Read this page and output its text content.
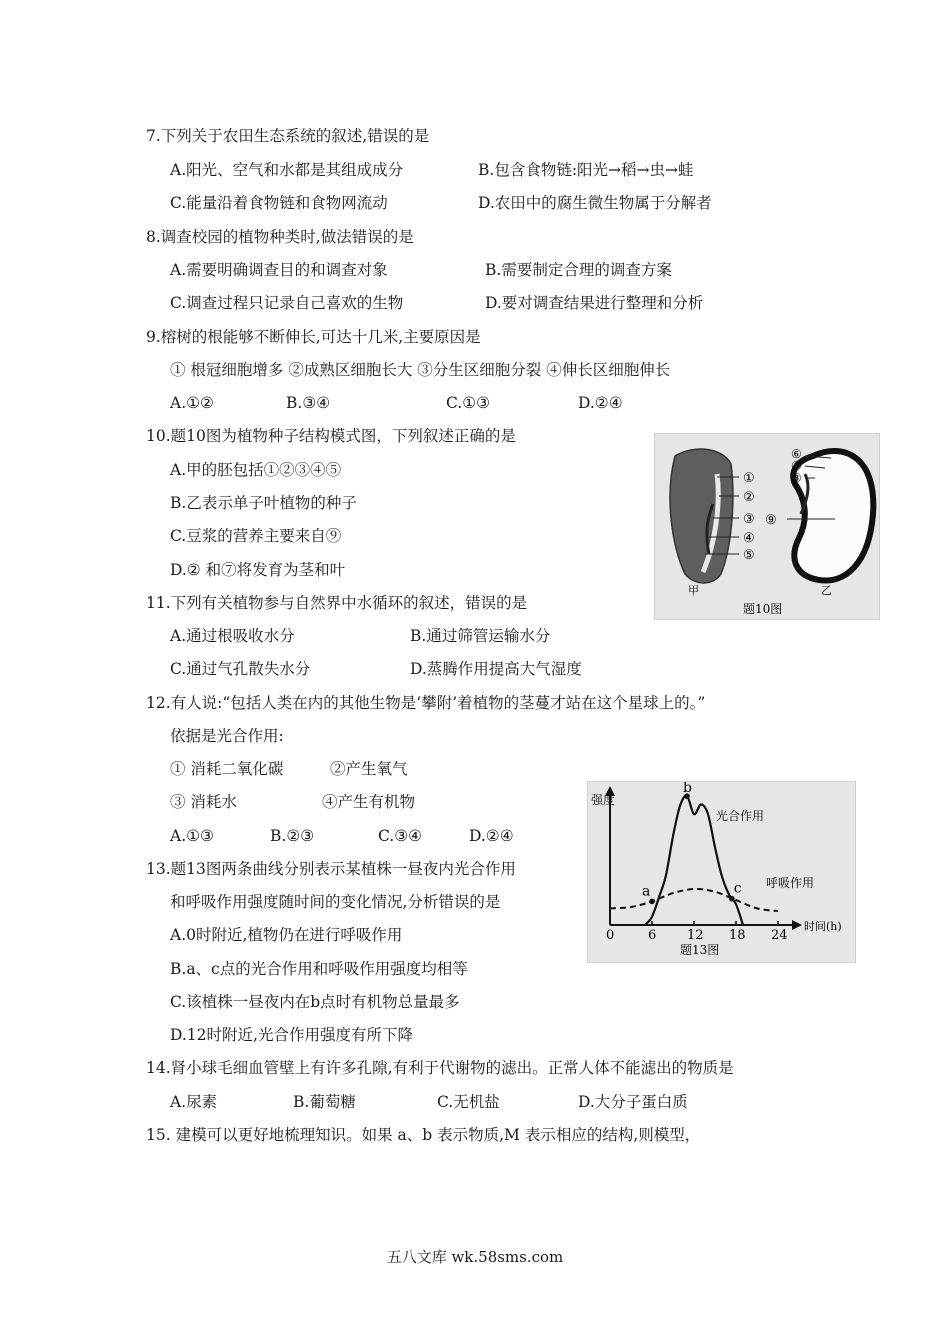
7.下列关于农田生态系统的叙述,错误的是
A.阳光、空气和水都是其组成成分	B.包含食物链:阳光→稻→虫→蛙
C.能量沿着食物链和食物网流动	D.农田中的腐生微生物属于分解者
8.调查校园的植物种类时,做法错误的是
A.需要明确调查目的和调查对象	B.需要制定合理的调查方案
C.调查过程只记录自己喜欢的生物	D.要对调查结果进行整理和分析
9.榕树的根能够不断伸长,可达十几米,主要原因是
① 根冠细胞增多 ②成熟区细胞长大 ③分生区细胞分裂 ④伸长区细胞伸长
A.①②	B.③④	C.①③	D.②④
10.题10图为植物种子结构模式图，下列叙述正确的是
A.甲的胚包括①②③④⑤
B.乙表示单子叶植物的种子
C.豆浆的营养主要来自⑨
D.② 和⑦将发育为茎和叶
①
②
③
④
⑤
甲
⑥
⑦
⑧
⑨
乙
题10图
11.下列有关植物参与自然界中水循环的叙述，错误的是
A.通过根吸收水分	B.通过筛管运输水分
C.通过气孔散失水分	D.蒸腾作用提高大气湿度
12.有人说:“包括人类在内的其他生物是‘攀附’着植物的茎蔓才站在这个星球上的。”
依据是光合作用:
① 消耗二氧化碳	②产生氧气
③ 消耗水	④产生有机物
A.①③	B.②③	C.③④	D.②④
13.题13图两条曲线分别表示某植株一昼夜内光合作用
和呼吸作用强度随时间的变化情况,分析错误的是
A.0时附近,植物仍在进行呼吸作用
B.a、c点的光合作用和呼吸作用强度均相等
C.该植株一昼夜内在b点时有机物总量最多
D.12时附近,光合作用强度有所下降
强度
时间(h)
0	6 12 18 24
a
b
c
光合作用
呼吸作用
题13图
14.肾小球毛细血管壁上有许多孔隙,有利于代谢物的滤出。正常人体不能滤出的物质是
A.尿素	B.葡萄糖	C.无机盐	D.大分子蛋白质
15. 建模可以更好地梳理知识。如果 a、b 表示物质,M 表示相应的结构,则模型，
五八文库 wk.58sms.com
